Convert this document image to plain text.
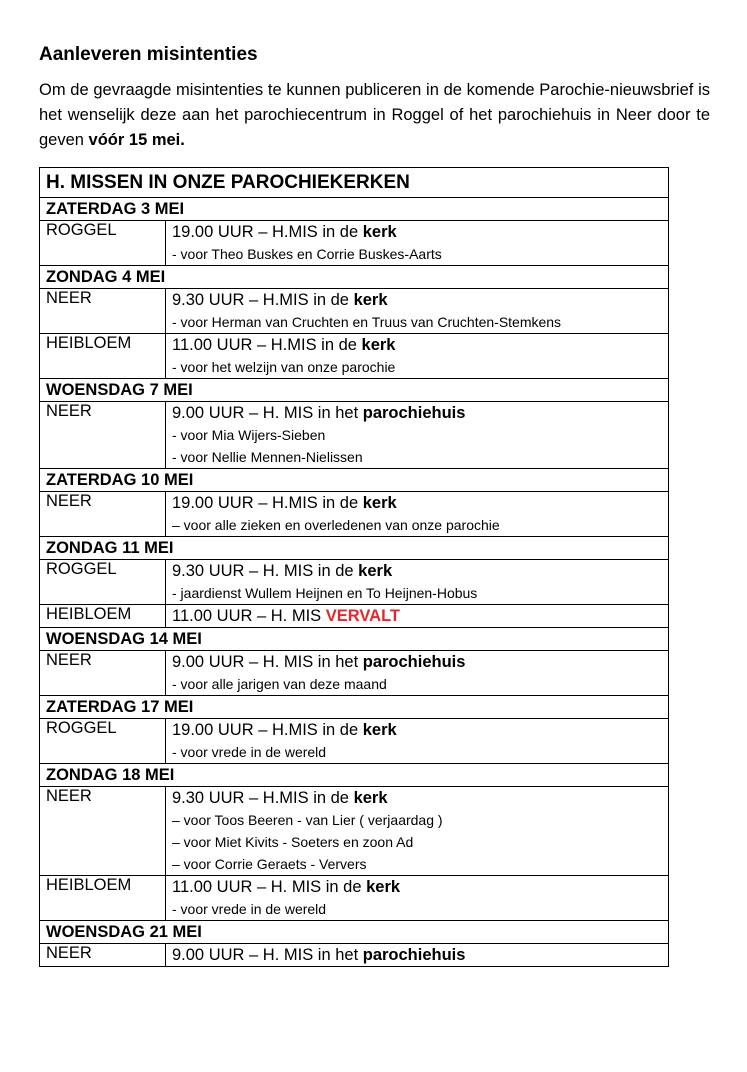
Aanleveren misintenties

Om de gevraagde misintenties te kunnen publiceren in de komende Parochie-nieuwsbrief is het wenselijk deze aan het parochiecentrum in Roggel of het parochiehuis in Neer door te geven vóór 15 mei.

H. MISSEN IN ONZE PAROCHIEKERKEN	
ZATERDAG 3 MEI	
ROGGEL	19.00 UUR – H.MIS in de kerk
- voor Theo Buskes en Corrie Buskes-Aarts

ZONDAG 4 MEI	
NEER	9.30 UUR – H.MIS in de kerk
- voor Herman van Cruchten en Truus van Cruchten-Stemkens

HEIBLOEM	11.00 UUR – H.MIS in de kerk
- voor het welzijn van onze parochie

WOENSDAG 7 MEI	
NEER	9.00 UUR – H. MIS in het parochiehuis
- voor Mia Wijers-Sieben
- voor Nellie Mennen-Nielissen

ZATERDAG 10 MEI	
NEER	19.00 UUR – H.MIS in de kerk
– voor alle zieken en overledenen van onze parochie

ZONDAG 11 MEI	
ROGGEL	9.30 UUR – H. MIS in de kerk
- jaardienst Wullem Heijnen en To Heijnen-Hobus

HEIBLOEM	11.00 UUR – H. MIS VERVALT

WOENSDAG 14 MEI	
NEER	9.00 UUR – H. MIS in het parochiehuis
- voor alle jarigen van deze maand

ZATERDAG 17 MEI	
ROGGEL	19.00 UUR – H.MIS in de kerk
- voor vrede in de wereld

ZONDAG 18 MEI	
NEER	9.30 UUR – H.MIS in de kerk
– voor Toos Beeren - van Lier ( verjaardag )
– voor Miet Kivits - Soeters en zoon Ad
– voor Corrie Geraets - Ververs

HEIBLOEM	11.00 UUR – H. MIS in de kerk
- voor vrede in de wereld

WOENSDAG 21 MEI	
NEER	9.00 UUR – H. MIS in het parochiehuis
